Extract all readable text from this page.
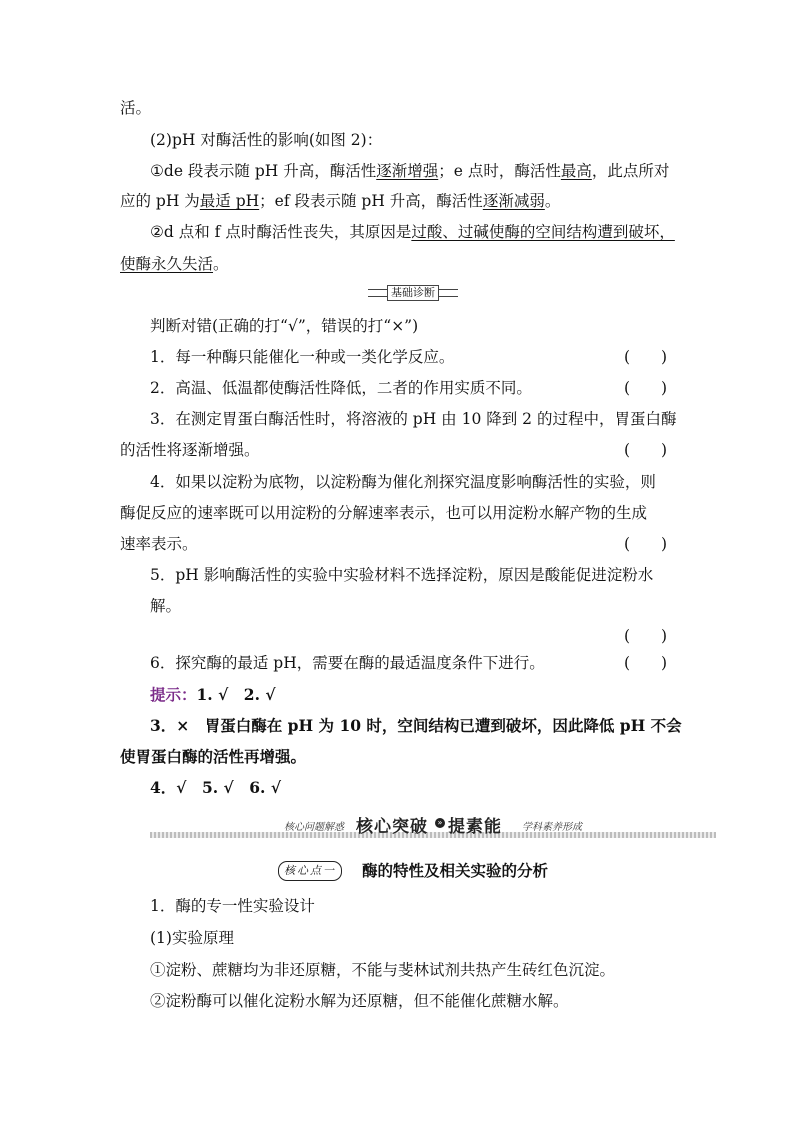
活。
(2)pH 对酶活性的影响(如图 2)：
①de 段表示随 pH 升高，酶活性逐渐增强；e 点时，酶活性最高，此点所对
应的 pH 为最适 pH；ef 段表示随 pH 升高，酶活性逐渐减弱。
②d 点和 f 点时酶活性丧失，其原因是过酸、过碱使酶的空间结构遭到破坏，
使酶永久失活。
基础诊断
判断对错(正确的打“√”，错误的打“×”)
1．每一种酶只能催化一种或一类化学反应。	(　　)
2．高温、低温都使酶活性降低，二者的作用实质不同。	(　　)
3．在测定胃蛋白酶活性时，将溶液的 pH 由 10 降到 2 的过程中，胃蛋白酶
的活性将逐渐增强。	(　　)
4．如果以淀粉为底物，以淀粉酶为催化剂探究温度影响酶活性的实验，则
酶促反应的速率既可以用淀粉的分解速率表示，也可以用淀粉水解产物的生成
速率表示。	(　　)
5．pH 影响酶活性的实验中实验材料不选择淀粉，原因是酸能促进淀粉水
解。
(　　)
6．探究酶的最适 pH，需要在酶的最适温度条件下进行。	(　　)
提示：1. √　2. √
3．×　胃蛋白酶在 pH 为 10 时，空间结构已遭到破坏，因此降低 pH 不会
使胃蛋白酶的活性再增强。
4．√　5. √　6. √
核心问题解惑 核心突破	» 提素能 学科素养形成
核心点一	酶的特性及相关实验的分析
1．酶的专一性实验设计
(1)实验原理
①淀粉、蔗糖均为非还原糖，不能与斐林试剂共热产生砖红色沉淀。
②淀粉酶可以催化淀粉水解为还原糖，但不能催化蔗糖水解。
